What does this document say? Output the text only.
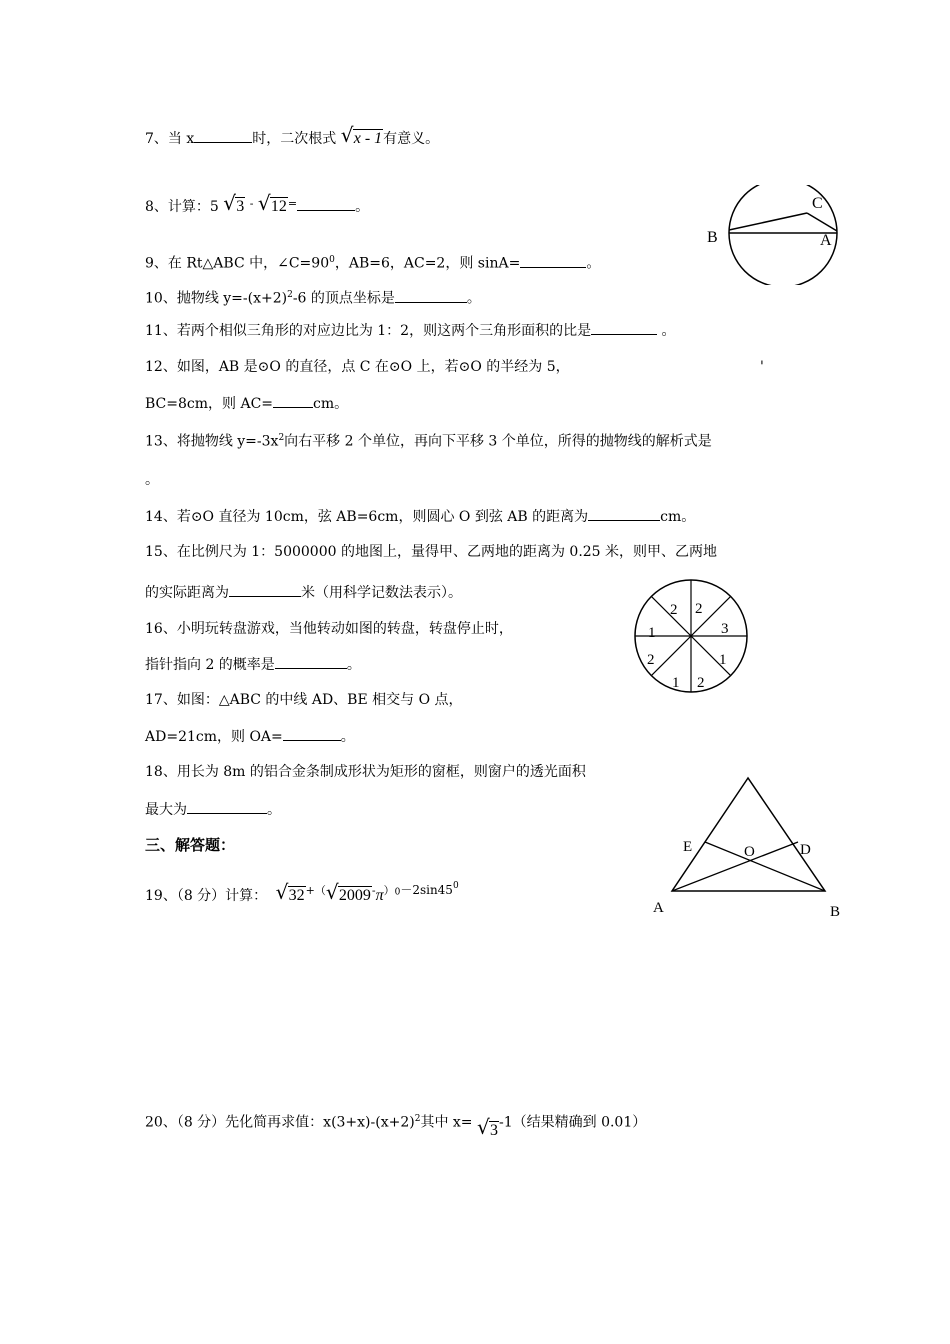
7、当 x	时，二次根式 √ x - 1有意义。
8、计算：5 √ 3 - √ 12=	。
9、在 Rt△ABC 中，$\angle C=90^0$，AB=6，AC=2，则 sinA=	。
10、抛物线 $y=-(x+2)^2-6$ 的顶点坐标是	。
11、若两个相似三角形的对应边比为 1：2，则这两个三角形面积的比是	。
12、如图，AB 是⊙O 的直径，点 C 在⊙O 上，若⊙O 的半经为 5，	'
BC=8cm，则 AC=	cm。
13、将抛物线 $y=-3x^2$向右平移 2 个单位，再向下平移 3 个单位，所得的抛物线的解析式是
。
14、若⊙O 直径为 10cm，弦 AB=6cm，则圆心 O 到弦 AB 的距离为	cm。
15、在比例尺为 1：5000000 的地图上，量得甲、乙两地的距离为 0.25 米，则甲、乙两地
的实际距离为	米（用科学记数法表示）。
16、小明玩转盘游戏，当他转动如图的转盘，转盘停止时，
指针指向 2 的概率是	。
17、如图：△ABC 的中线 AD、BE 相交与 O 点，
AD=21cm，则 OA=	。
18、用长为 8m 的铝合金条制成形状为矩形的窗框，则窗户的透光面积
最大为	。
三、解答题：
19、（8 分）计算： √ 32+（ √ $2009^-\pi^{)0}-2\sin 45^0$
20、（8 分）先化简再求值：$x(3+x)-(x+2)^2$其中 x= √ 3-1（结果精确到 0.01）
B
C
A
2 2
1	3
2	1
1 2
E	O	D
A	B
